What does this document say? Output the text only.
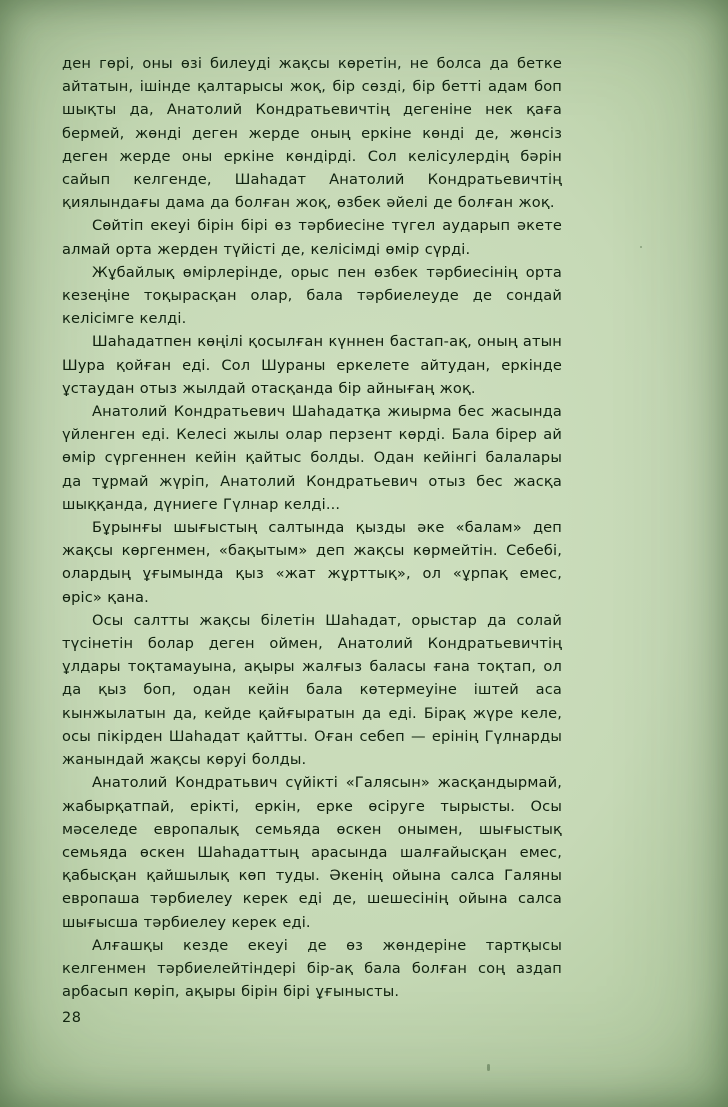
ден гөрі, оны өзі билеуді жақсы көретін, не болса да бетке айтатын, ішінде қалтарысы жоқ, бір сөзді, бір бетті адам боп шықты да, Анатолий Кондратьевичтің дегеніне нек қаға бермей, жөнді деген жерде оның еркіне көнді де, жөнсіз деген жерде оны еркіне көндірді. Сол келісулердің бәрін сайып келгенде, Шаһадат Анатолий Кондратьевичтің қиялындағы дама да болған жоқ, өзбек әйелі де болған жоқ.

Сөйтіп екеуі бірін бірі өз тәрбиесіне түгел аударып әкете алмай орта жерден түйісті де, келісімді өмір сүрді.

Жұбайлық өмірлерінде, орыс пен өзбек тәрбиесінің орта кезеңіне тоқырасқан олар, бала тәрбиелеуде де сондай келісімге келді.

Шаһадатпен көңілі қосылған күннен бастап-ақ, оның атын Шура қойған еді. Сол Шураны еркелете айтудан, еркінде ұстаудан отыз жылдай отасқанда бір айнығаң жоқ.

Анатолий Кондратьевич Шаһадатқа жиырма бес жасында үйленген еді. Келесі жылы олар перзент көрді. Бала бірер ай өмір сүргеннен кейін қайтыс болды. Одан кейінгі балалары да тұрмай жүріп, Анатолий Кондратьевич отыз бес жасқа шыққанда, дүниеге Гүлнар келді...

Бұрынғы шығыстың салтында қызды әке «балам» деп жақсы көргенмен, «бақытым» деп жақсы көрмейтін. Себебі, олардың ұғымында қыз «жат жұрттық», ол «ұрпақ емес, өріс» қана.

Осы салтты жақсы білетін Шаһадат, орыстар да солай түсінетін болар деген оймен, Анатолий Кондратьевичтің ұлдары тоқтамауына, ақыры жалғыз баласы ғана тоқтап, ол да қыз боп, одан кейін бала көтермеуіне іштей аса кынжылатын да, кейде қайғыратын да еді. Бірақ жүре келе, осы пікірден Шаһадат қайтты. Оған себеп — ерінің Гүлнарды жанындай жақсы көруі болды.

Анатолий Кондратьвич сүйікті «Галясын» жасқандырмай, жабырқатпай, ерікті, еркін, ерке өсіруге тырысты. Осы мәселеде европалық семьяда өскен онымен, шығыстық семьяда өскен Шаһадаттың арасында шалғайысқан емес, қабысқан қайшылық көп туды. Әкенің ойына салса Галяны европаша тәрбиелеу керек еді де, шешесінің ойына салса шығысша тәрбиелеу керек еді.

Алғашқы кезде екеуі де өз жөндеріне тартқысы келгенмен тәрбиелейтіндері бір-ақ бала болған соң аздап арбасып көріп, ақыры бірін бірі ұғынысты.

28
